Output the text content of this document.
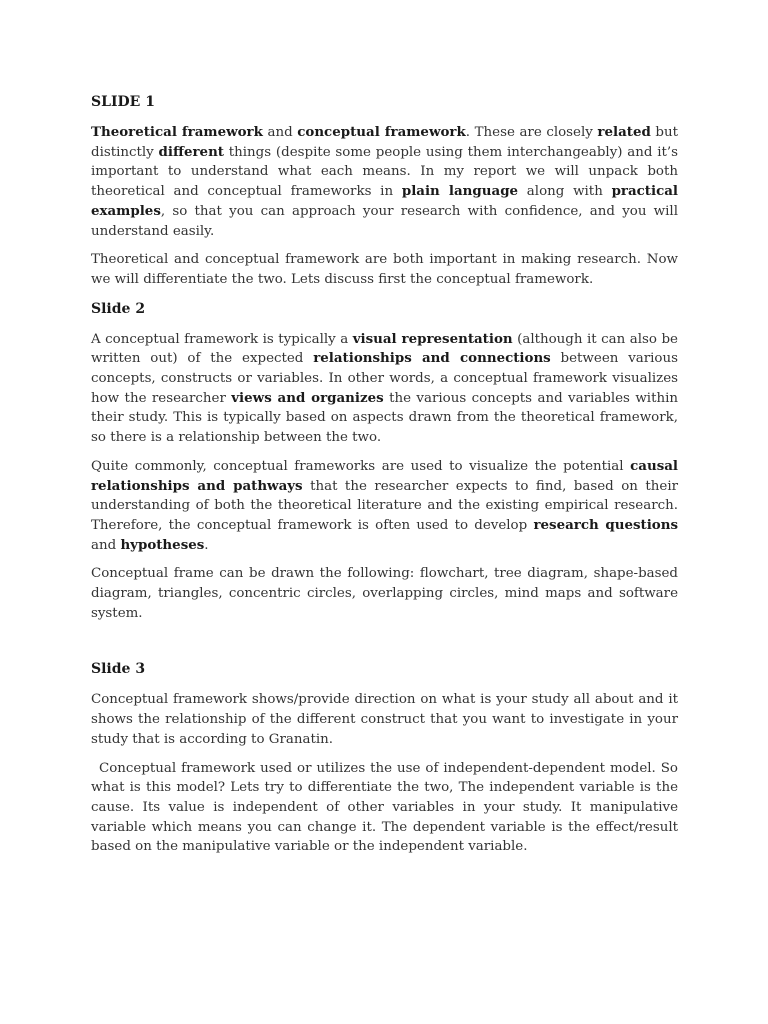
SLIDE 1

Theoretical framework and conceptual framework. These are closely related but distinctly different things (despite some people using them interchangeably) and it’s important to understand what each means. In my report we will unpack both theoretical and conceptual frameworks in plain language along with practical examples, so that you can approach your research with confidence, and you will understand easily.

Theoretical and conceptual framework are both important in making research. Now we will differentiate the two. Lets discuss first the conceptual framework.

Slide 2

A conceptual framework is typically a visual representation (although it can also be written out) of the expected relationships and connections between various concepts, constructs or variables. In other words, a conceptual framework visualizes how the researcher views and organizes the various concepts and variables within their study. This is typically based on aspects drawn from the theoretical framework, so there is a relationship between the two.

Quite commonly, conceptual frameworks are used to visualize the potential causal relationships and pathways that the researcher expects to find, based on their understanding of both the theoretical literature and the existing empirical research. Therefore, the conceptual framework is often used to develop research questions and hypotheses.

Conceptual frame can be drawn the following: flowchart, tree diagram, shape-based diagram, triangles, concentric circles, overlapping circles, mind maps and software system.

Slide 3

Conceptual framework shows/provide direction on what is your study all about and it shows the relationship of the different construct that you want to investigate in your study that is according to Granatin.

Conceptual framework used or utilizes the use of independent-dependent model. So what is this model? Lets try to differentiate the two, The independent variable is the cause. Its value is independent of other variables in your study. It manipulative variable which means you can change it. The dependent variable is the effect/result based on the manipulative variable or the independent variable.
